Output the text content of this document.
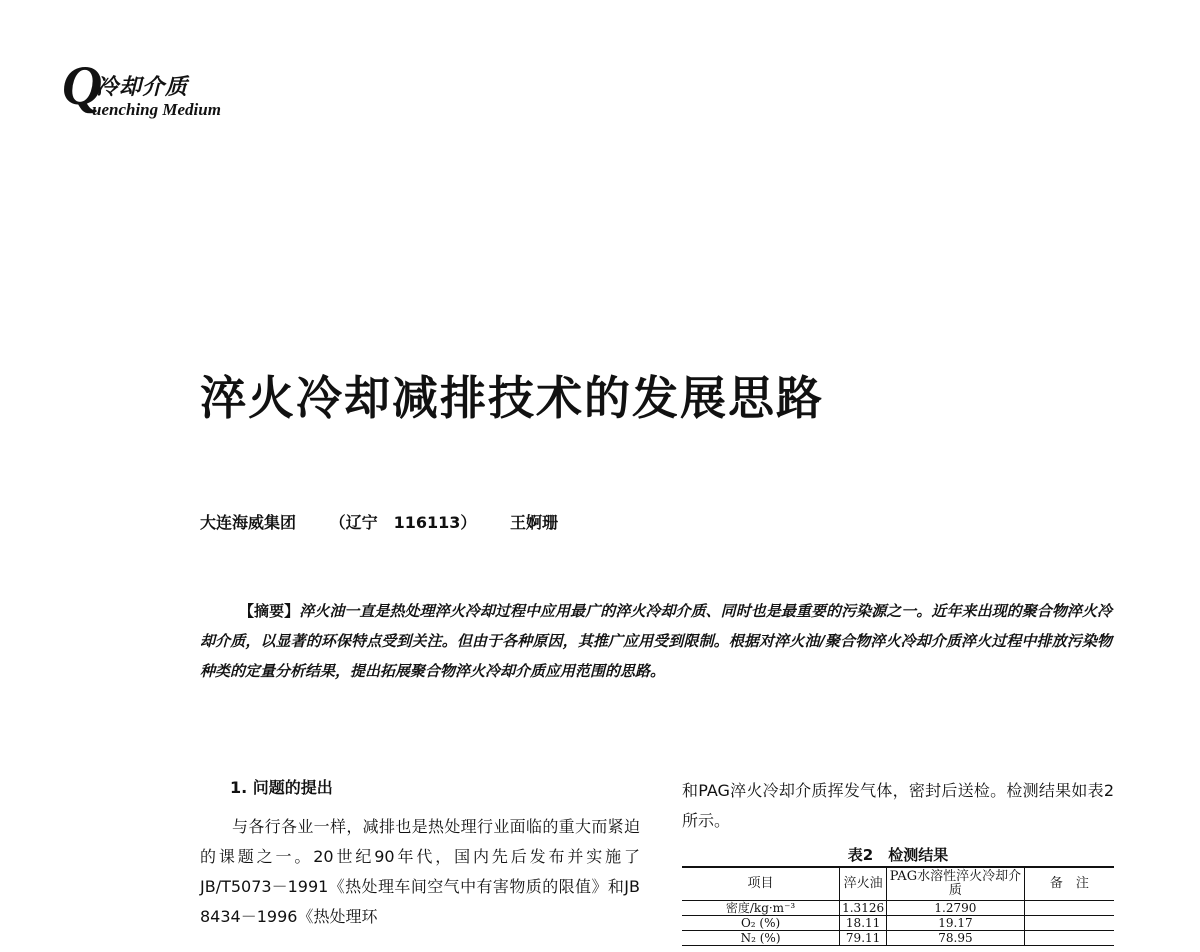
Q
冷却介质
uenching Medium
淬火冷却减排技术的发展思路
大连海威集团 （辽宁　116113） 王婀珊
【摘要】淬火油一直是热处理淬火冷却过程中应用最广的淬火冷却介质、同时也是最重要的污染源之一。近年来出现的聚合物淬火冷却介质，以显著的环保特点受到关注。但由于各种原因，其推广应用受到限制。根据对淬火油/聚合物淬火冷却介质淬火过程中排放污染物种类的定量分析结果，提出拓展聚合物淬火冷却介质应用范围的思路。
1. 问题的提出

与各行各业一样，减排也是热处理行业面临的重大而紧迫的课题之一。20世纪90年代，国内先后发布并实施了JB/T5073－1991《热处理车间空气中有害物质的限值》和JB 8434－1996《热处理环

和PAG淬火冷却介质挥发气体，密封后送检。检测结果如表2所示。

表2　检测结果

项目	淬火油	PAG水溶性淬火冷却介质	备　注
密度/kg·m⁻³	1.3126	1.2790	
O₂ (%)	18.11	19.17	
N₂ (%)	79.11	78.95	
